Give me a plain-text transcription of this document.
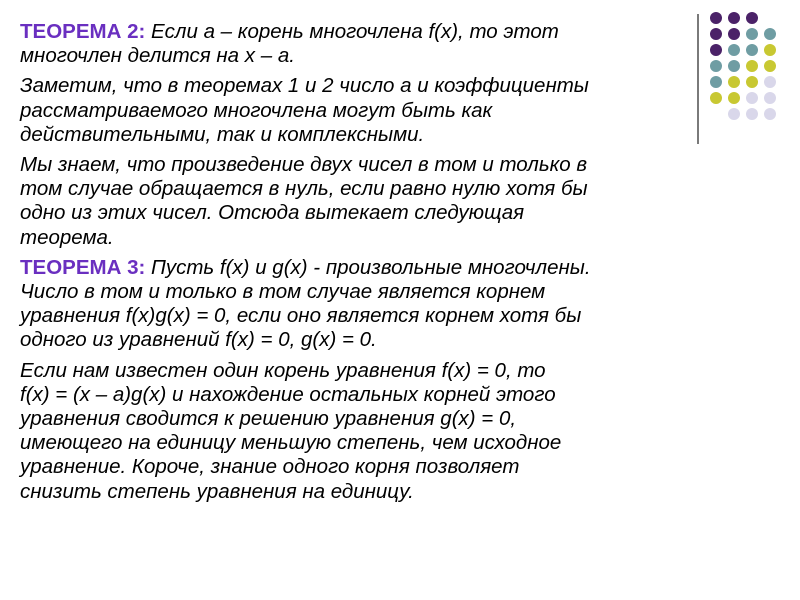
ТЕОРЕМА 2: Если a – корень многочлена f(x), то этот
многочлен делится на x – a.

Заметим, что в теоремах 1 и 2 число a и коэффициенты
рассматриваемого многочлена могут быть как
действительными, так и комплексными.

Мы знаем, что произведение двух чисел в том и только в
том случае обращается в нуль, если равно нулю хотя бы
одно из этих чисел. Отсюда вытекает следующая
теорема.

ТЕОРЕМА 3: Пусть f(x) и g(x) - произвольные многочлены.
Число в том и только в том случае является корнем
уравнения f(x)g(x) = 0, если оно является корнем хотя бы
одного из уравнений f(x) = 0, g(x) = 0.

Если нам известен один корень уравнения f(x) = 0, то
f(x) = (x – a)g(x) и нахождение остальных корней этого
уравнения сводится к решению уравнения g(x) = 0,
имеющего на единицу меньшую степень, чем исходное
уравнение. Короче, знание одного корня позволяет
снизить степень уравнения на единицу.
